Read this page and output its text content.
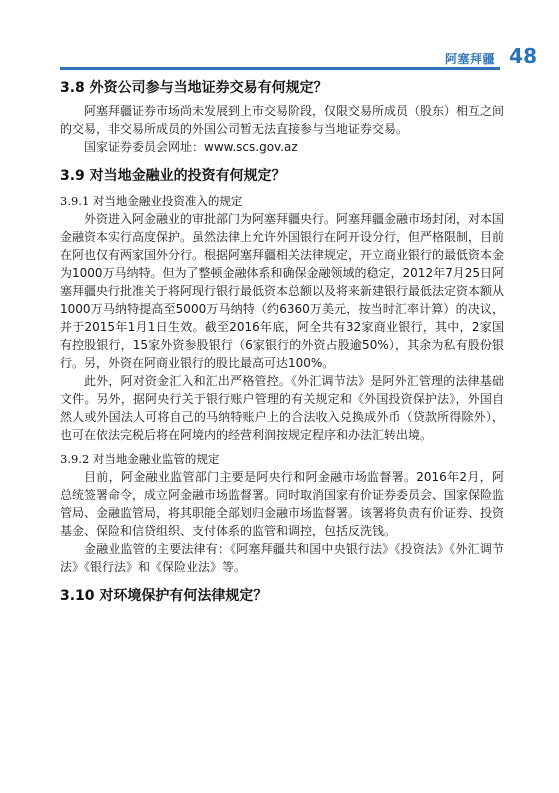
阿塞拜疆 48
3.8 外资公司参与当地证券交易有何规定？

阿塞拜疆证券市场尚未发展到上市交易阶段，仅限交易所成员（股东）相互之间的交易，非交易所成员的外国公司暂无法直接参与当地证券交易。

国家证券委员会网址：www.scs.gov.az

3.9 对当地金融业的投资有何规定？
3.9.1 对当地金融业投资准入的规定

外资进入阿金融业的审批部门为阿塞拜疆央行。阿塞拜疆金融市场封闭，对本国金融资本实行高度保护。虽然法律上允许外国银行在阿开设分行，但严格限制，目前在阿也仅有两家国外分行。根据阿塞拜疆相关法律规定，开立商业银行的最低资本金为1000万马纳特。但为了整顿金融体系和确保金融领域的稳定，2012年7月25日阿塞拜疆央行批准关于将阿现行银行最低资本总额以及将来新建银行最低法定资本额从1000万马纳特提高至5000万马纳特（约6360万美元，按当时汇率计算）的决议，并于2015年1月1日生效。截至2016年底，阿全共有32家商业银行，其中，2家国有控股银行，15家外资参股银行（6家银行的外资占股逾50%），其余为私有股份银行。另，外资在阿商业银行的股比最高可达100%。

此外，阿对资金汇入和汇出严格管控。《外汇调节法》是阿外汇管理的法律基础文件。另外，据阿央行关于银行账户管理的有关规定和《外国投资保护法》，外国自然人或外国法人可将自己的马纳特账户上的合法收入兑换成外币（贷款所得除外），也可在依法完税后将在阿境内的经营利润按规定程序和办法汇转出境。

3.9.2 对当地金融业监管的规定

目前，阿金融业监管部门主要是阿央行和阿金融市场监督署。2016年2月，阿总统签署命令，成立阿金融市场监督署。同时取消国家有价证券委员会、国家保险监管局、金融监管局，将其职能全部划归金融市场监督署。该署将负责有价证券、投资基金、保险和信贷组织、支付体系的监管和调控，包括反洗钱。

金融业监管的主要法律有：《阿塞拜疆共和国中央银行法》《投资法》《外汇调节法》《银行法》和《保险业法》等。

3.10 对环境保护有何法律规定？
